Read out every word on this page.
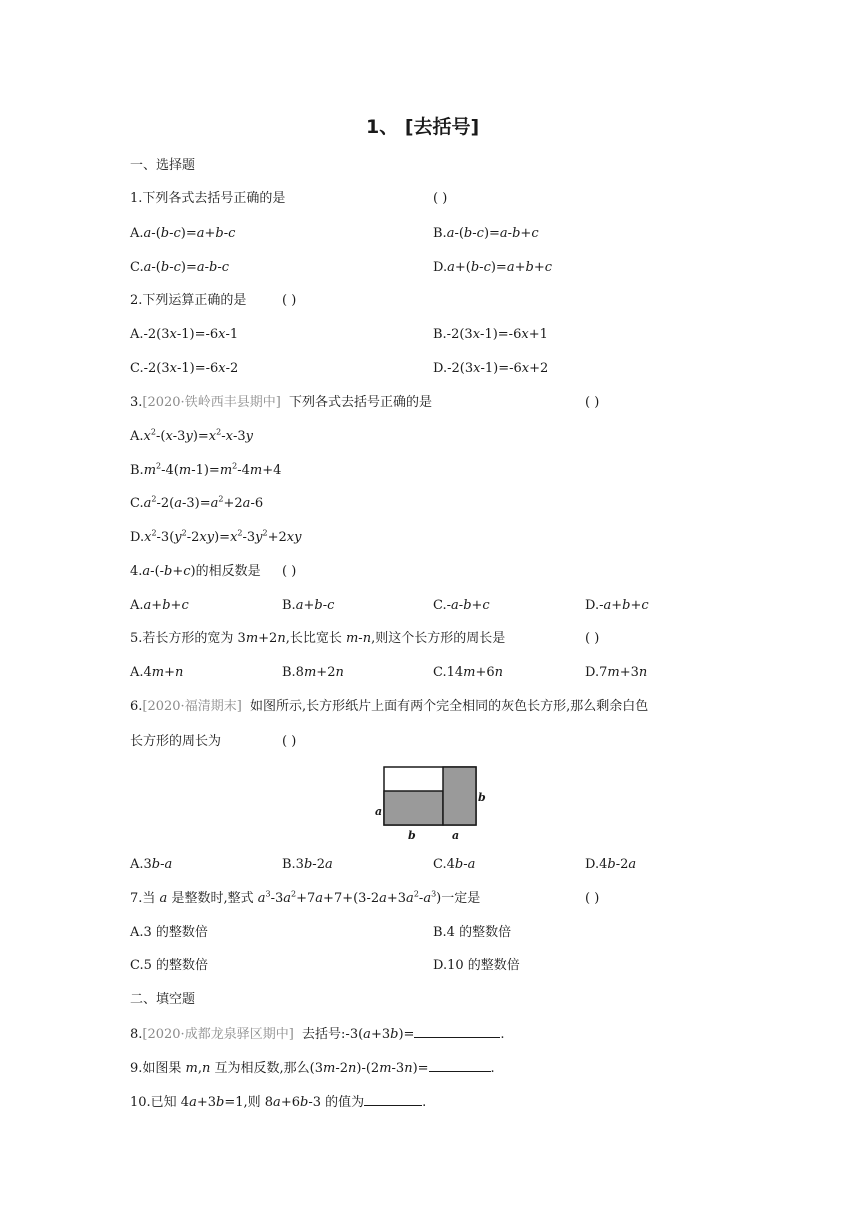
1、 [去括号]
一、选择题
1.下列各式去括号正确的是	( )
A.a-(b-c)=a+b-c	B.a-(b-c)=a-b+c
C.a-(b-c)=a-b-c	D.a+(b-c)=a+b+c
2.下列运算正确的是	( )
A.-2(3x-1)=-6x-1	B.-2(3x-1)=-6x+1
C.-2(3x-1)=-6x-2	D.-2(3x-1)=-6x+2
3.[2020·铁岭西丰县期中] 下列各式去括号正确的是	( )
$A.x^2-(x-3y)=x^2-x-3y$
$B.m^2-4(m-1)=m^2-4m+4$
$C.a^2-2(a-3)=a^2+2a-6$
$D.x^2-3(y^2-2xy)=x^2-3y^2+2xy$
4.a-(-b+c)的相反数是 ( )
A.a+b+c	B.a+b-c	C.-a-b+c	D.-a+b+c
5.若长方形的宽为 3m+2n,长比宽长 m-n,则这个长方形的周长是	( )
A.4m+n	B.8m+2n	C.14m+6n	D.7m+3n
6.[2020·福清期末] 如图所示,长方形纸片上面有两个完全相同的灰色长方形,那么剩余白色
长方形的周长为	( )
a
b	a
b
A.3b-a	B.3b-2a	C.4b-a	D.4b-2a
7.当 a 是整数时,整式 $a^3-3a^2+7a+7+(3-2a+3a^2-a^3)$一定是	( )
A.3 的整数倍	B.4 的整数倍
C.5 的整数倍	D.10 的整数倍
二、填空题
8.[2020·成都龙泉驿区期中] 去括号:-3(a+3b)=	.
9.如图果 m,n 互为相反数,那么(3m-2n)-(2m-3n)=	.
10.已知 4a+3b=1,则 8a+6b-3 的值为	.
